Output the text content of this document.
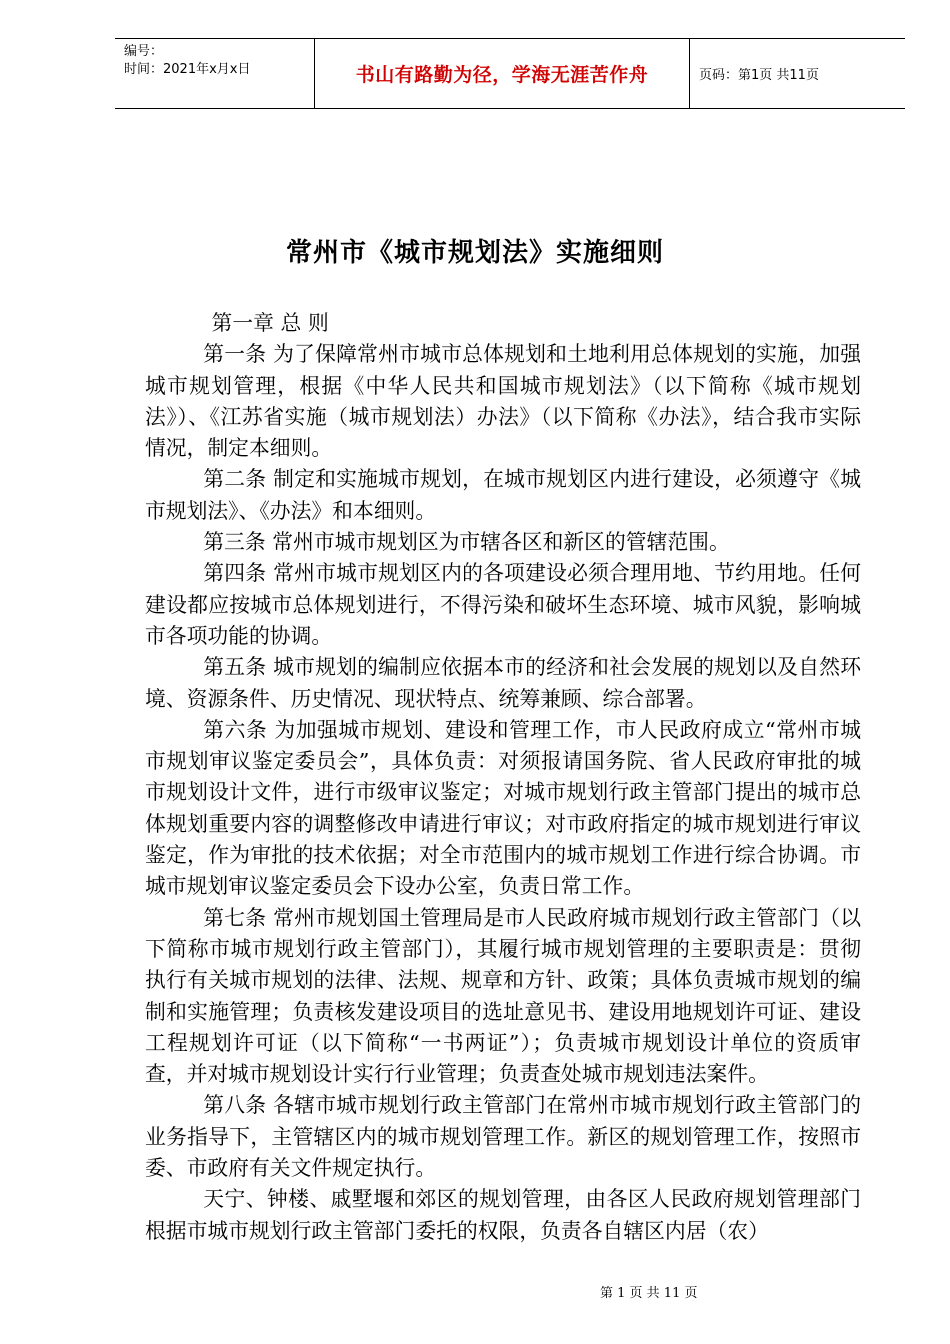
编号：
时间：2021年x月x日	书山有路勤为径，学海无涯苦作舟	页码：第1页 共11页
常州市《城市规划法》实施细则

第一章 总 则

第一条 为了保障常州市城市总体规划和土地利用总体规划的实施，加强城市规划管理，根据《中华人民共和国城市规划法》（以下简称《城市规划法》）、《江苏省实施（城市规划法）办法》（以下简称《办法》，结合我市实际情况，制定本细则。

第二条 制定和实施城市规划，在城市规划区内进行建设，必须遵守《城市规划法》、《办法》和本细则。

第三条 常州市城市规划区为市辖各区和新区的管辖范围。

第四条 常州市城市规划区内的各项建设必须合理用地、节约用地。任何建设都应按城市总体规划进行，不得污染和破坏生态环境、城市风貌，影响城市各项功能的协调。

第五条 城市规划的编制应依据本市的经济和社会发展的规划以及自然环境、资源条件、历史情况、现状特点、统筹兼顾、综合部署。

第六条 为加强城市规划、建设和管理工作，市人民政府成立“常州市城市规划审议鉴定委员会”，具体负责：对须报请国务院、省人民政府审批的城市规划设计文件，进行市级审议鉴定；对城市规划行政主管部门提出的城市总体规划重要内容的调整修改申请进行审议；对市政府指定的城市规划进行审议鉴定，作为审批的技术依据；对全市范围内的城市规划工作进行综合协调。市城市规划审议鉴定委员会下设办公室，负责日常工作。

第七条 常州市规划国土管理局是市人民政府城市规划行政主管部门（以下简称市城市规划行政主管部门），其履行城市规划管理的主要职责是：贯彻执行有关城市规划的法律、法规、规章和方针、政策；具体负责城市规划的编制和实施管理；负责核发建设项目的选址意见书、建设用地规划许可证、建设工程规划许可证（以下简称“一书两证”）；负责城市规划设计单位的资质审查，并对城市规划设计实行行业管理；负责查处城市规划违法案件。

第八条 各辖市城市规划行政主管部门在常州市城市规划行政主管部门的业务指导下，主管辖区内的城市规划管理工作。新区的规划管理工作，按照市委、市政府有关文件规定执行。

天宁、钟楼、戚墅堰和郊区的规划管理，由各区人民政府规划管理部门根据市城市规划行政主管部门委托的权限，负责各自辖区内居（农）

第 1 页 共 11 页
